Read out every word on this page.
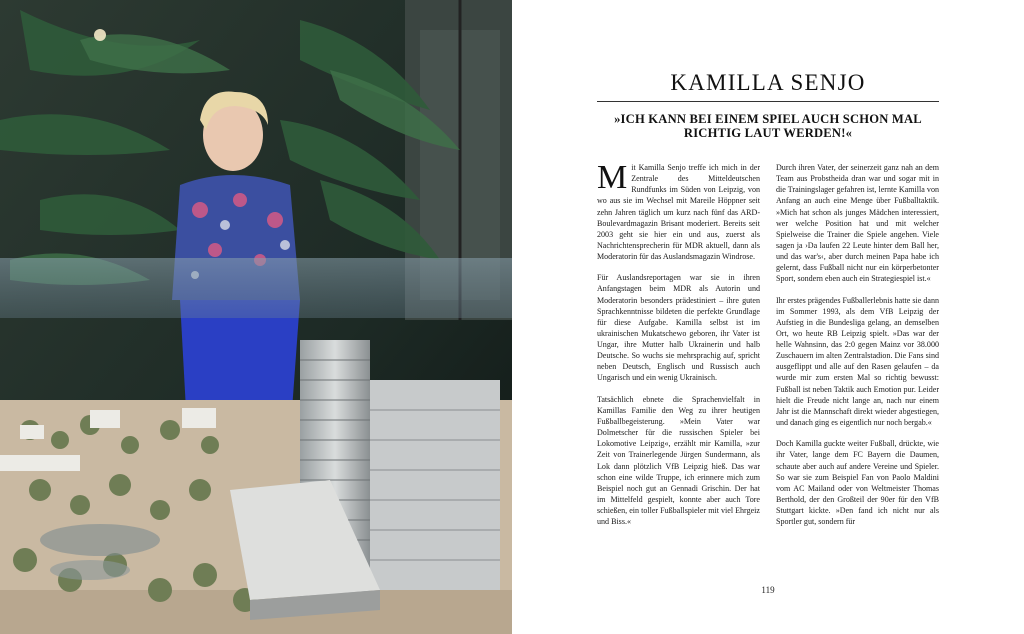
KAMILLA SENJO
»ICH KANN BEI EINEM SPIEL AUCH SCHON MAL
RICHTIG LAUT WERDEN!«

Mit Kamilla Senjo treffe ich mich in der Zentrale des Mitteldeutschen Rundfunks im Süden von Leipzig, von wo aus sie im Wechsel mit Mareile Höppner seit zehn Jahren täglich um kurz nach fünf das ARD-Boulevardmagazin Brisant moderiert. Bereits seit 2003 geht sie hier ein und aus, zuerst als Nachrichtensprecherin für MDR aktuell, dann als Moderatorin für das Auslandsmagazin Windrose.

Für Auslandsreportagen war sie in ihren Anfangstagen beim MDR als Autorin und Moderatorin besonders prädestiniert – ihre guten Sprachkenntnisse bildeten die perfekte Grundlage für diese Aufgabe. Kamilla selbst ist im ukrainischen Mukatschewo geboren, ihr Vater ist Ungar, ihre Mutter halb Ukrainerin und halb Deutsche. So wuchs sie mehrsprachig auf, spricht neben Deutsch, Englisch und Russisch auch Ungarisch und ein wenig Ukrainisch.

Tatsächlich ebnete die Sprachenvielfalt in Kamillas Familie den Weg zu ihrer heutigen Fußballbegeisterung. »Mein Vater war Dolmetscher für die russischen Spieler bei Lokomotive Leipzig«, erzählt mir Kamilla, »zur Zeit von Trainerlegende Jürgen Sundermann, als Lok dann plötzlich VfB Leipzig hieß. Das war schon eine wilde Truppe, ich erinnere mich zum Beispiel noch gut an Gennadi Grischin. Der hat im Mittelfeld gespielt, konnte aber auch Tore schießen, ein toller Fußballspieler mit viel Ehrgeiz und Biss.«

Durch ihren Vater, der seinerzeit ganz nah an dem Team aus Probstheida dran war und sogar mit in die Trainingslager gefahren ist, lernte Kamilla von Anfang an auch eine Menge über Fußballtaktik. »Mich hat schon als junges Mädchen interessiert, wer welche Position hat und mit welcher Spielweise die Trainer die Spiele angehen. Viele sagen ja ›Da laufen 22 Leute hinter dem Ball her, und das war's‹, aber durch meinen Papa habe ich gelernt, dass Fußball nicht nur ein körperbetonter Sport, sondern eben auch ein Strategiespiel ist.«

Ihr erstes prägendes Fußballerlebnis hatte sie dann im Sommer 1993, als dem VfB Leipzig der Aufstieg in die Bundesliga gelang, an demselben Ort, wo heute RB Leipzig spielt. »Das war der helle Wahnsinn, das 2:0 gegen Mainz vor 38.000 Zuschauern im alten Zentralstadion. Die Fans sind ausgeflippt und alle auf den Rasen gelaufen – da wurde mir zum ersten Mal so richtig bewusst: Fußball ist neben Taktik auch Emotion pur. Leider hielt die Freude nicht lange an, nach nur einem Jahr ist die Mannschaft direkt wieder abgestiegen, und danach ging es eigentlich nur noch bergab.«

Doch Kamilla guckte weiter Fußball, drückte, wie ihr Vater, lange dem FC Bayern die Daumen, schaute aber auch auf andere Vereine und Spieler. So war sie zum Beispiel Fan von Paolo Maldini vom AC Mailand oder von Weltmeister Thomas Berthold, der den Großteil der 90er für den VfB Stuttgart kickte. »Den fand ich nicht nur als Sportler gut, sondern für

119
